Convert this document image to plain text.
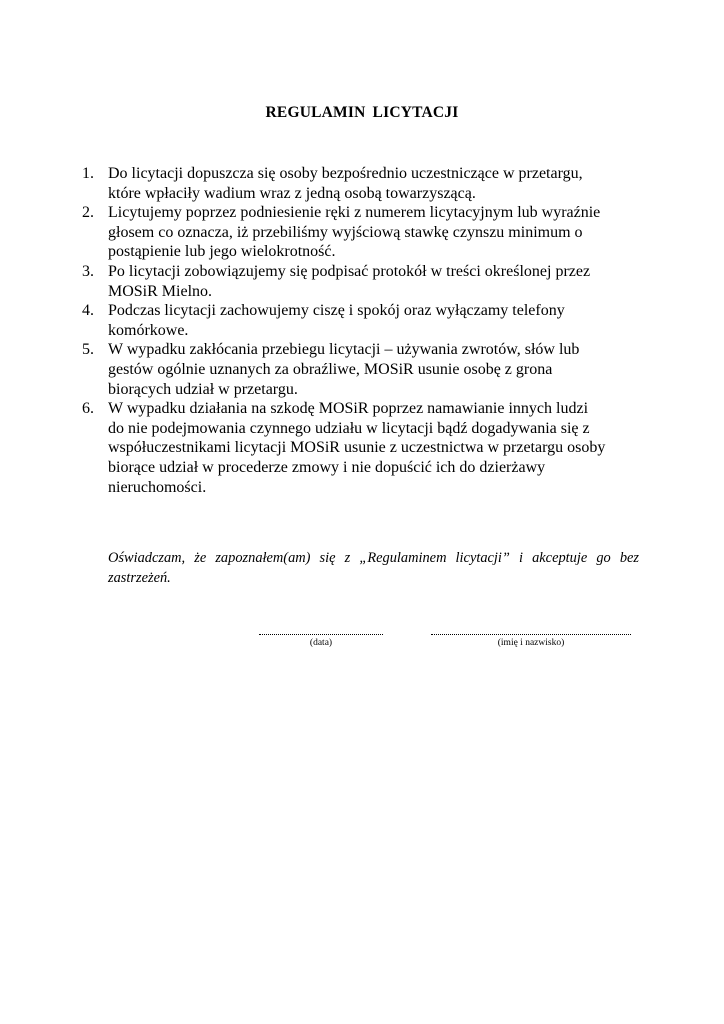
REGULAMIN LICYTACJI
1. Do licytacji dopuszcza się osoby bezpośrednio uczestniczące w przetargu,
które wpłaciły wadium wraz z jedną osobą towarzyszącą.
2. Licytujemy poprzez podniesienie ręki z numerem licytacyjnym lub wyraźnie
głosem co oznacza, iż przebiliśmy wyjściową stawkę czynszu minimum o
postąpienie lub jego wielokrotność.
3. Po licytacji zobowiązujemy się podpisać protokół w treści określonej przez
MOSiR Mielno.
4. Podczas licytacji zachowujemy ciszę i spokój oraz wyłączamy telefony
komórkowe.
5. W wypadku zakłócania przebiegu licytacji – używania zwrotów, słów lub
gestów ogólnie uznanych za obraźliwe, MOSiR usunie osobę z grona
biorących udział w przetargu.
6. W wypadku działania na szkodę MOSiR poprzez namawianie innych ludzi
do nie podejmowania czynnego udziału w licytacji bądź dogadywania się z
współuczestnikami licytacji MOSiR usunie z uczestnictwa w przetargu osoby
biorące udział w procederze zmowy i nie dopuścić ich do dzierżawy
nieruchomości.
Oświadczam, że zapoznałem(am) się z „Regulaminem licytacji” i akceptuje go bez zastrzeżeń.
(data)	(imię i nazwisko)
